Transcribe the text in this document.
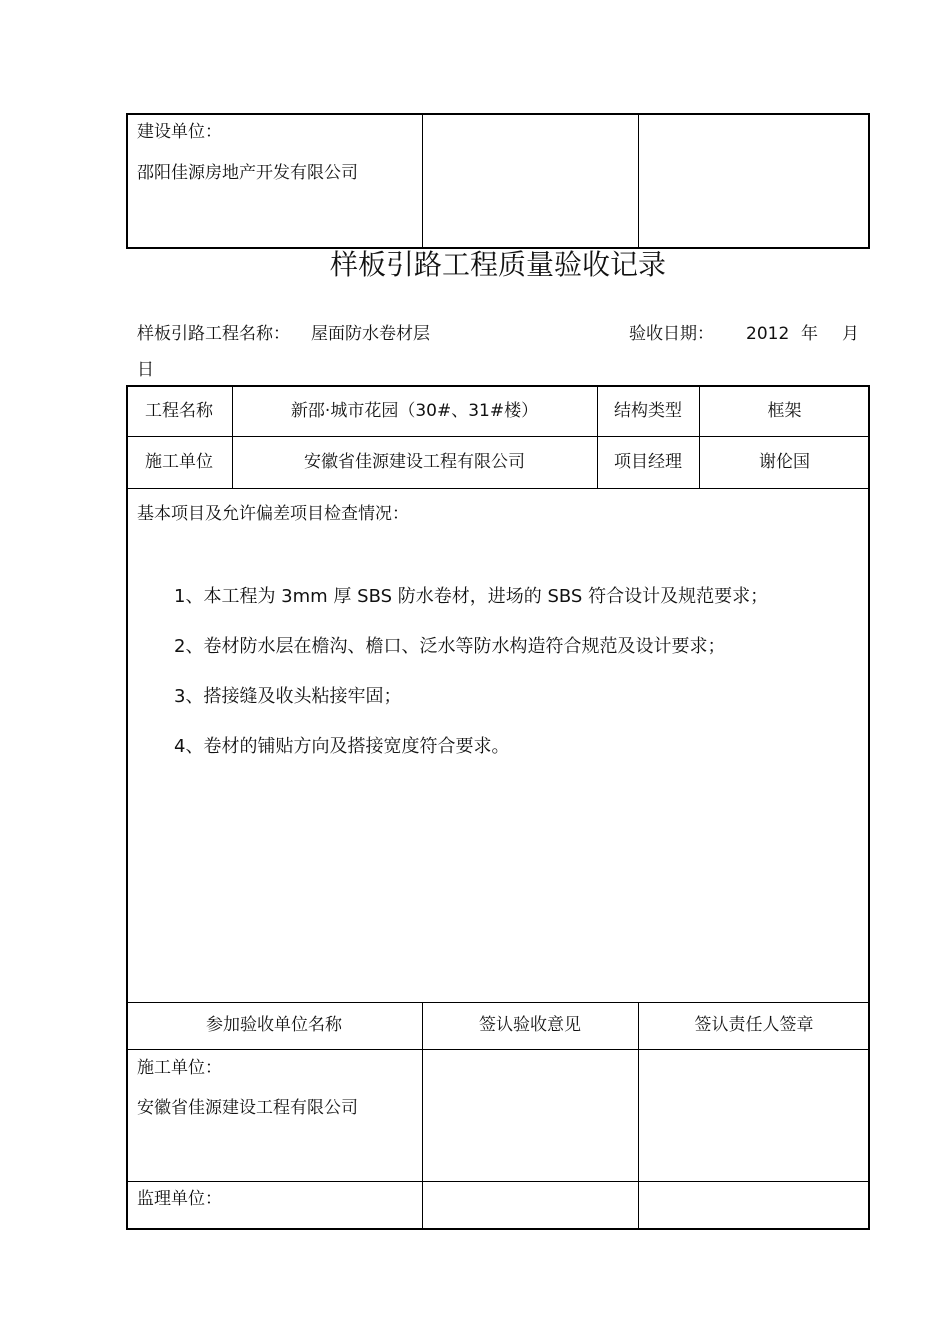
建设单位：
邵阳佳源房地产开发有限公司
样板引路工程质量验收记录
样板引路工程名称： 屋面防水卷材层	验收日期： 2012 年 月
日
工程名称	新邵·城市花园（30#、31#楼）	结构类型	框架
施工单位	安徽省佳源建设工程有限公司	项目经理	谢伦国
基本项目及允许偏差项目检查情况：
1、本工程为 3mm 厚 SBS 防水卷材，进场的 SBS 符合设计及规范要求；
2、卷材防水层在檐沟、檐口、泛水等防水构造符合规范及设计要求；
3、搭接缝及收头粘接牢固；
4、卷材的铺贴方向及搭接宽度符合要求。
参加验收单位名称	签认验收意见	签认责任人签章
施工单位：
安徽省佳源建设工程有限公司
监理单位：
